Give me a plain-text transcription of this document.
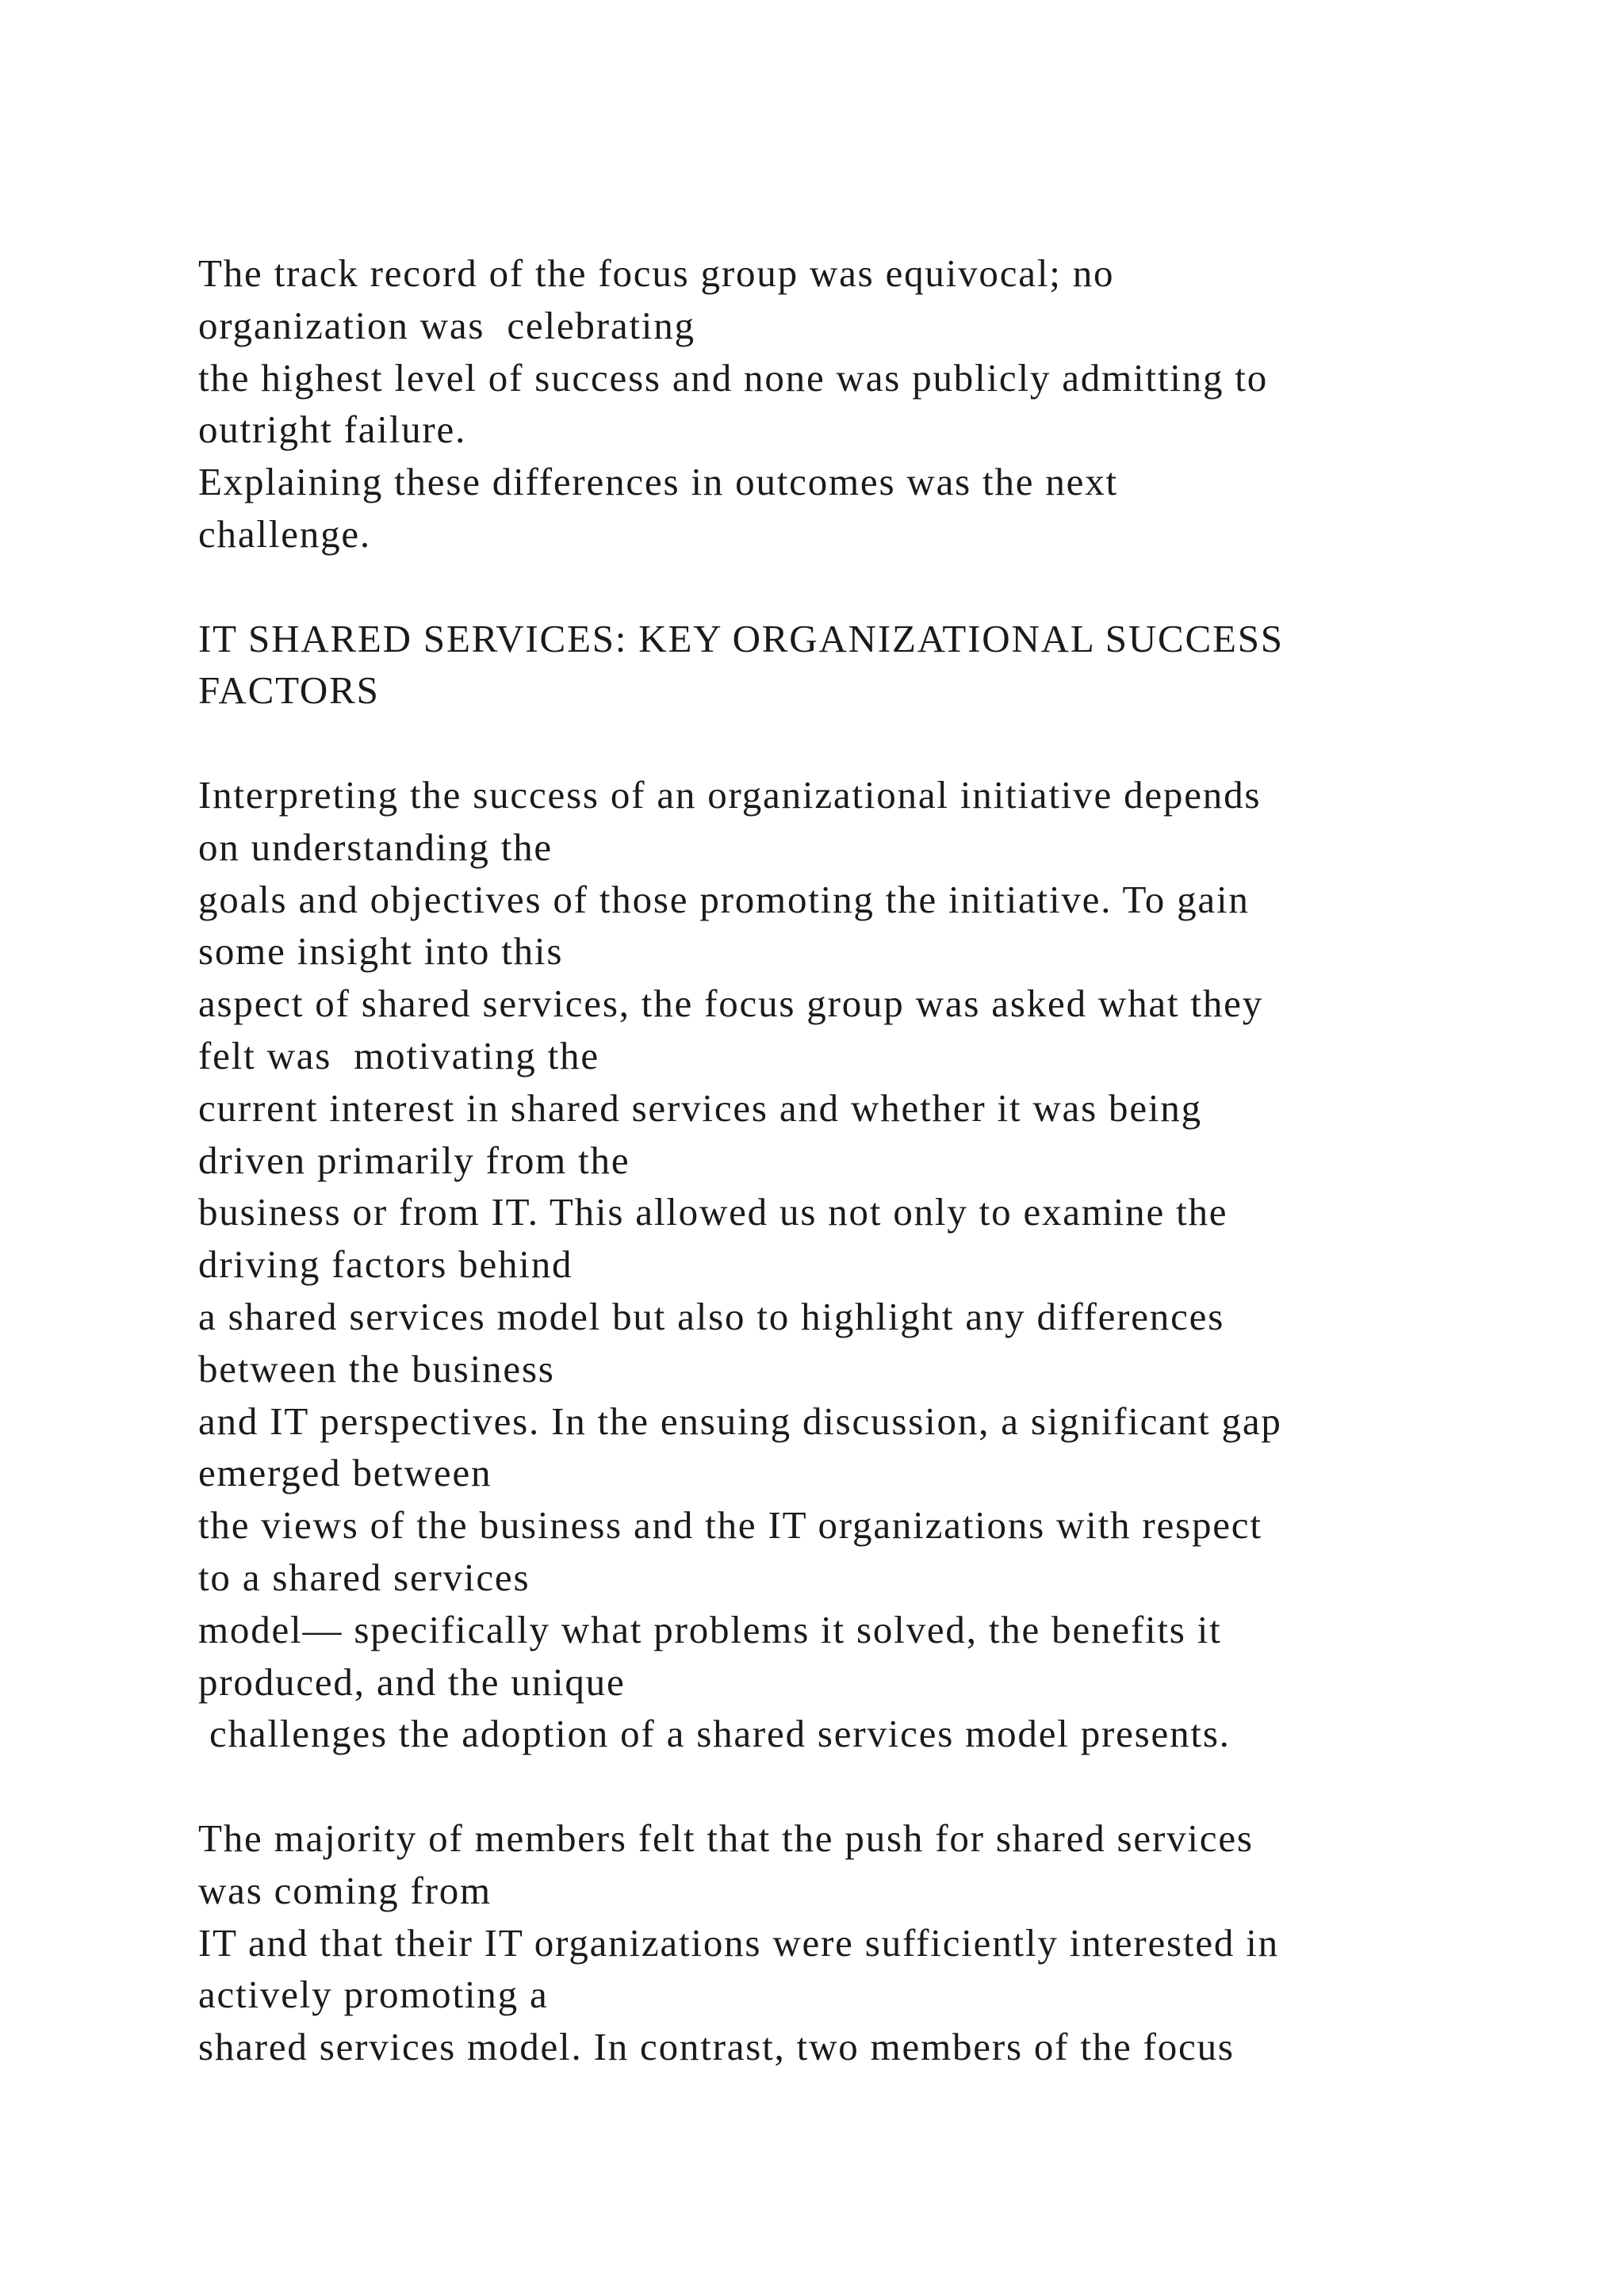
The track record of the focus group was equivocal; no
organization was  celebrating
the highest level of success and none was publicly admitting to
outright failure.
Explaining these differences in outcomes was the next
challenge.
IT SHARED SERVICES: KEY ORGANIZATIONAL SUCCESS
FACTORS
Interpreting the success of an organizational initiative depends
on understanding the
goals and objectives of those promoting the initiative. To gain
some insight into this
aspect of shared services, the focus group was asked what they
felt was  motivating the
current interest in shared services and whether it was being
driven primarily from the
business or from IT. This allowed us not only to examine the
driving factors behind
a shared services model but also to highlight any differences
between the business
and IT perspectives. In the ensuing discussion, a significant gap
emerged between
the views of the business and the IT organizations with respect
to a shared services
model— specifically what problems it solved, the benefits it
produced, and the unique
challenges the adoption of a shared services model presents.
The majority of members felt that the push for shared services
was coming from
IT and that their IT organizations were sufficiently interested in
actively promoting a
shared services model. In contrast, two members of the focus
